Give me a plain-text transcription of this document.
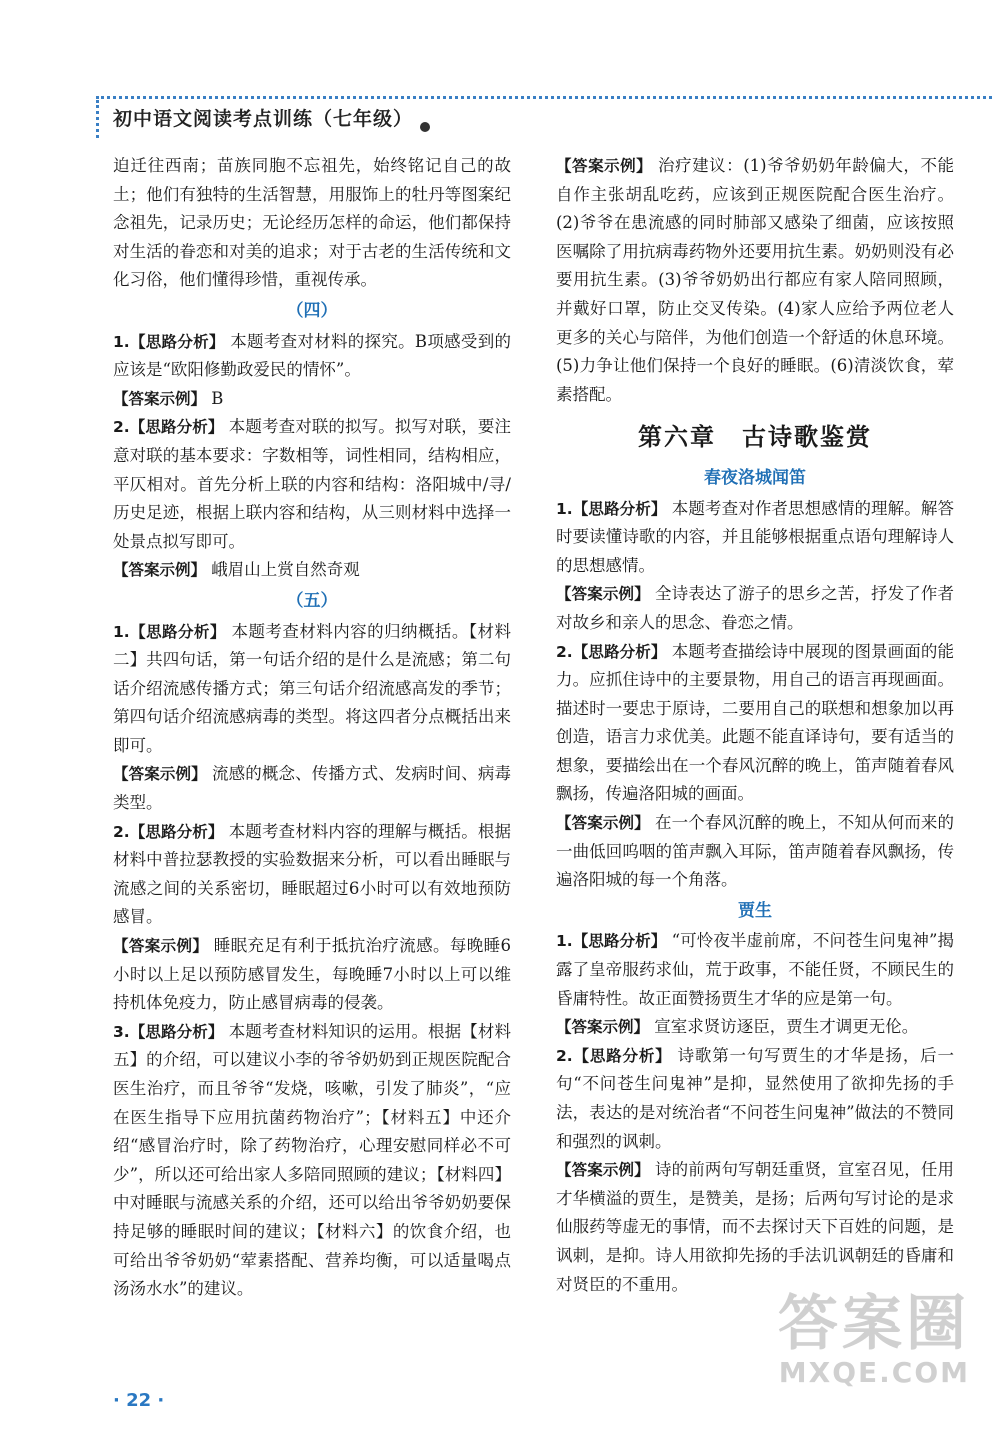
初中语文阅读考点训练（七年级）

迫迁往西南；苗族同胞不忘祖先，始终铭记自己的故土；他们有独特的生活智慧，用服饰上的牡丹等图案纪念祖先，记录历史；无论经历怎样的命运，他们都保持对生活的眷恋和对美的追求；对于古老的生活传统和文化习俗，他们懂得珍惜，重视传承。

（四）

1.【思路分析】 本题考查对材料的探究。B项感受到的应该是“欧阳修勤政爱民的情怀”。

【答案示例】 B

2.【思路分析】 本题考查对联的拟写。拟写对联，要注意对联的基本要求：字数相等，词性相同，结构相应，平仄相对。首先分析上联的内容和结构：洛阳城中/寻/历史足迹，根据上联内容和结构，从三则材料中选择一处景点拟写即可。

【答案示例】 峨眉山上赏自然奇观

（五）

1.【思路分析】 本题考查材料内容的归纳概括。【材料二】共四句话，第一句话介绍的是什么是流感；第二句话介绍流感传播方式；第三句话介绍流感高发的季节；第四句话介绍流感病毒的类型。将这四者分点概括出来即可。

【答案示例】 流感的概念、传播方式、发病时间、病毒类型。

2.【思路分析】 本题考查材料内容的理解与概括。根据材料中普拉瑟教授的实验数据来分析，可以看出睡眠与流感之间的关系密切，睡眠超过6小时可以有效地预防感冒。

【答案示例】 睡眠充足有利于抵抗治疗流感。每晚睡6小时以上足以预防感冒发生，每晚睡7小时以上可以维持机体免疫力，防止感冒病毒的侵袭。

3.【思路分析】 本题考查材料知识的运用。根据【材料五】的介绍，可以建议小李的爷爷奶奶到正规医院配合医生治疗，而且爷爷“发烧，咳嗽，引发了肺炎”，“应在医生指导下应用抗菌药物治疗”；【材料五】中还介绍“感冒治疗时，除了药物治疗，心理安慰同样必不可少”，所以还可给出家人多陪同照顾的建议；【材料四】中对睡眠与流感关系的介绍，还可以给出爷爷奶奶要保持足够的睡眠时间的建议；【材料六】的饮食介绍，也可给出爷爷奶奶“荤素搭配、营养均衡，可以适量喝点汤汤水水”的建议。

【答案示例】 治疗建议：(1)爷爷奶奶年龄偏大，不能自作主张胡乱吃药，应该到正规医院配合医生治疗。(2)爷爷在患流感的同时肺部又感染了细菌，应该按照医嘱除了用抗病毒药物外还要用抗生素。奶奶则没有必要用抗生素。(3)爷爷奶奶出行都应有家人陪同照顾，并戴好口罩，防止交叉传染。(4)家人应给予两位老人更多的关心与陪伴，为他们创造一个舒适的休息环境。(5)力争让他们保持一个良好的睡眠。(6)清淡饮食，荤素搭配。

第六章　古诗歌鉴赏
春夜洛城闻笛

1.【思路分析】 本题考查对作者思想感情的理解。解答时要读懂诗歌的内容，并且能够根据重点语句理解诗人的思想感情。

【答案示例】 全诗表达了游子的思乡之苦，抒发了作者对故乡和亲人的思念、眷恋之情。

2.【思路分析】 本题考查描绘诗中展现的图景画面的能力。应抓住诗中的主要景物，用自己的语言再现画面。描述时一要忠于原诗，二要用自己的联想和想象加以再创造，语言力求优美。此题不能直译诗句，要有适当的想象，要描绘出在一个春风沉醉的晚上，笛声随着春风飘扬，传遍洛阳城的画面。

【答案示例】 在一个春风沉醉的晚上，不知从何而来的一曲低回呜咽的笛声飘入耳际，笛声随着春风飘扬，传遍洛阳城的每一个角落。

贾生

1.【思路分析】 “可怜夜半虚前席，不问苍生问鬼神”揭露了皇帝服药求仙，荒于政事，不能任贤，不顾民生的昏庸特性。故正面赞扬贾生才华的应是第一句。

【答案示例】 宣室求贤访逐臣，贾生才调更无伦。

2.【思路分析】 诗歌第一句写贾生的才华是扬，后一句“不问苍生问鬼神”是抑，显然使用了欲抑先扬的手法，表达的是对统治者“不问苍生问鬼神”做法的不赞同和强烈的讽刺。

【答案示例】 诗的前两句写朝廷重贤，宣室召见，任用才华横溢的贾生，是赞美，是扬；后两句写讨论的是求仙服药等虚无的事情，而不去探讨天下百姓的问题，是讽刺，是抑。诗人用欲抑先扬的手法讥讽朝廷的昏庸和对贤臣的不重用。

· 22 ·
答案圈
MXQE.COM
